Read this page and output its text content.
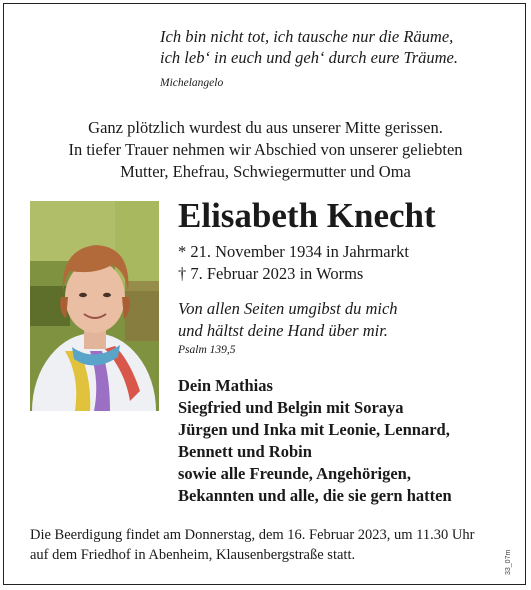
Ich bin nicht tot, ich tausche nur die Räume,
ich leb‘ in euch und geh‘ durch eure Träume.
Michelangelo
Ganz plötzlich wurdest du aus unserer Mitte gerissen.
In tiefer Trauer nehmen wir Abschied von unserer geliebten
Mutter, Ehefrau, Schwiegermutter und Oma
Elisabeth Knecht
* 21. November 1934 in Jahrmarkt
† 7. Februar 2023 in Worms
Von allen Seiten umgibst du mich
und hältst deine Hand über mir.
Psalm 139,5
Dein Mathias
Siegfried und Belgin mit Soraya
Jürgen und Inka mit Leonie, Lennard,
Bennett und Robin
sowie alle Freunde, Angehörigen,
Bekannten und alle, die sie gern hatten
Die Beerdigung findet am Donnerstag, dem 16. Februar 2023, um 11.30 Uhr
auf dem Friedhof in Abenheim, Klausenbergstraße statt.	33_07m
